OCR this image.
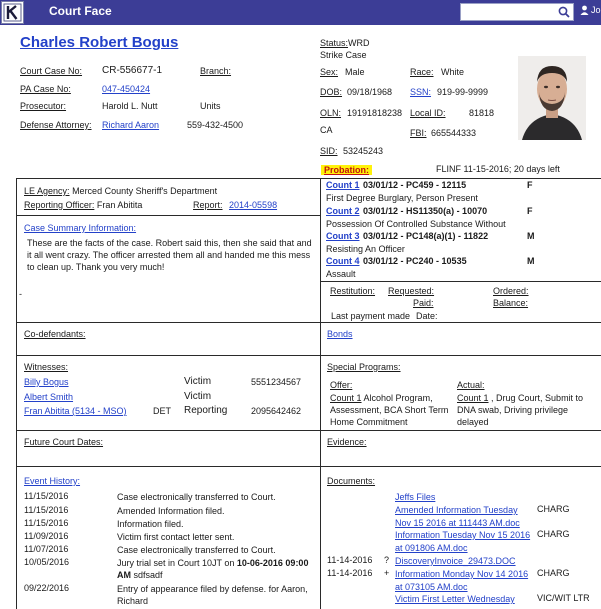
Court Face	Jo
Charles Robert Bogus
Court Case No: CR-556677-1	Branch:
PA Case No:	047-450424
Prosecutor:	Harold L. Nutt	Units
Defense Attorney: Richard Aaron	559-432-4500
Status:WRD
Strike Case
Sex: Male	Race: White
DOB: 09/18/1968 SSN: 919-99-9999
OLN: 19191818238 Local ID:	81818
CA	FBI: 665544333
SID: 53245243
Probation:	FLINF 11-15-2016; 20 days left
LE Agency: Merced County Sheriff's Department
Reporting Officer: Fran Abitita	Report: 2014-05598
Case Summary Information:
These are the facts of the case. Robert said this, then she said that and it all went crazy. The officer arrested them all and handed me this mess to clean up. Thank you very much!
-
Count 1 03/01/12 - PC459 - 12115	F
First Degree Burglary, Person Present
Count 2 03/01/12 - HS11350(a) - 10070	F
Possession Of Controlled Substance Without
Count 3 03/01/12 - PC148(a)(1) - 11822	M
Resisting An Officer
Count 4 03/01/12 - PC240 - 10535	M
Assault
Restitution: Requested:	Ordered:
Paid:	Balance:
Last payment made Date:
Co-defendants:	Bonds
Witnesses:
Billy Bogus	Victim	5551234567
Albert Smith	Victim
Fran Abitita (5134 - MSO)	DET Reporting	2095642462
Special Programs:
Offer:	Actual:
Count 1 Alcohol Program, Assessment, BCA Short Term Home Commitment
Count 1 , Drug Court, Submit to DNA swab, Driving privilege delayed
Future Court Dates:	Evidence:
Event History:
11/15/2016	Case electronically transferred to Court.
11/15/2016	Amended Information filed.
11/15/2016	Information filed.
11/09/2016	Victim first contact letter sent.
11/07/2016	Case electronically transferred to Court.
10/05/2016	Jury trial set in Court 10JT on 10-06-2016 09:00 AM sdfsadf
09/22/2016	Entry of appearance filed by defense. for Aaron, Richard
Documents:
Jeffs Files
Amended Information Tuesday
Nov 15 2016 at 111443 AM.doc
CHARG
Information Tuesday Nov 15 2016
at 091806 AM.doc
CHARG
11-14-2016 ? DiscoveryInvoice_29473.DOC
11-14-2016 + Information Monday Nov 14 2016
at 073105 AM.doc
CHARG
Victim First Letter Wednesday VIC/WIT LTR
